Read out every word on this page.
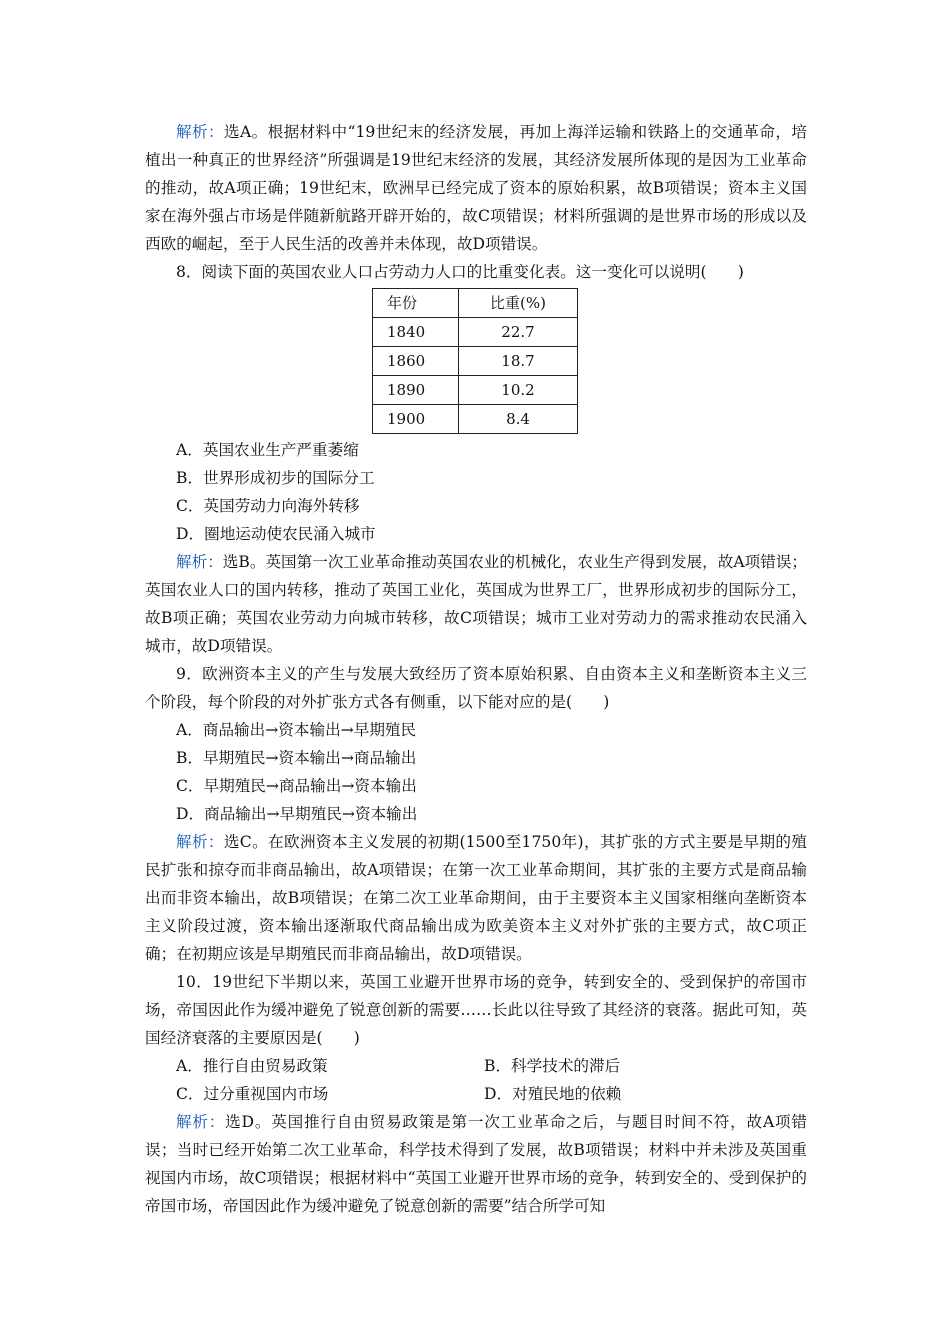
解析：选A。根据材料中“19世纪末的经济发展，再加上海洋运输和铁路上的交通革命，培植出一种真正的世界经济”所强调是19世纪末经济的发展，其经济发展所体现的是因为工业革命的推动，故A项正确；19世纪末，欧洲早已经完成了资本的原始积累，故B项错误；资本主义国家在海外强占市场是伴随新航路开辟开始的，故C项错误；材料所强调的是世界市场的形成以及西欧的崛起，至于人民生活的改善并未体现，故D项错误。

8．阅读下面的英国农业人口占劳动力人口的比重变化表。这一变化可以说明(　　)

年份	比重(%)
1840	22.7
1860	18.7
1890	10.2
1900	8.4

A．英国农业生产严重萎缩

B．世界形成初步的国际分工

C．英国劳动力向海外转移

D．圈地运动使农民涌入城市

解析：选B。英国第一次工业革命推动英国农业的机械化，农业生产得到发展，故A项错误；英国农业人口的国内转移，推动了英国工业化，英国成为世界工厂，世界形成初步的国际分工，故B项正确；英国农业劳动力向城市转移，故C项错误；城市工业对劳动力的需求推动农民涌入城市，故D项错误。

9．欧洲资本主义的产生与发展大致经历了资本原始积累、自由资本主义和垄断资本主义三个阶段，每个阶段的对外扩张方式各有侧重，以下能对应的是(　　)

A．商品输出→资本输出→早期殖民

B．早期殖民→资本输出→商品输出

C．早期殖民→商品输出→资本输出

D．商品输出→早期殖民→资本输出

解析：选C。在欧洲资本主义发展的初期(1500至1750年)，其扩张的方式主要是早期的殖民扩张和掠夺而非商品输出，故A项错误；在第一次工业革命期间，其扩张的主要方式是商品输出而非资本输出，故B项错误；在第二次工业革命期间，由于主要资本主义国家相继向垄断资本主义阶段过渡，资本输出逐渐取代商品输出成为欧美资本主义对外扩张的主要方式，故C项正确；在初期应该是早期殖民而非商品输出，故D项错误。

10．19世纪下半期以来，英国工业避开世界市场的竞争，转到安全的、受到保护的帝国市场，帝国因此作为缓冲避免了锐意创新的需要……长此以往导致了其经济的衰落。据此可知，英国经济衰落的主要原因是(　　)

A．推行自由贸易政策	B．科学技术的滞后
C．过分重视国内市场	D．对殖民地的依赖

解析：选D。英国推行自由贸易政策是第一次工业革命之后，与题目时间不符，故A项错误；当时已经开始第二次工业革命，科学技术得到了发展，故B项错误；材料中并未涉及英国重视国内市场，故C项错误；根据材料中“英国工业避开世界市场的竞争，转到安全的、受到保护的帝国市场，帝国因此作为缓冲避免了锐意创新的需要”结合所学可知
